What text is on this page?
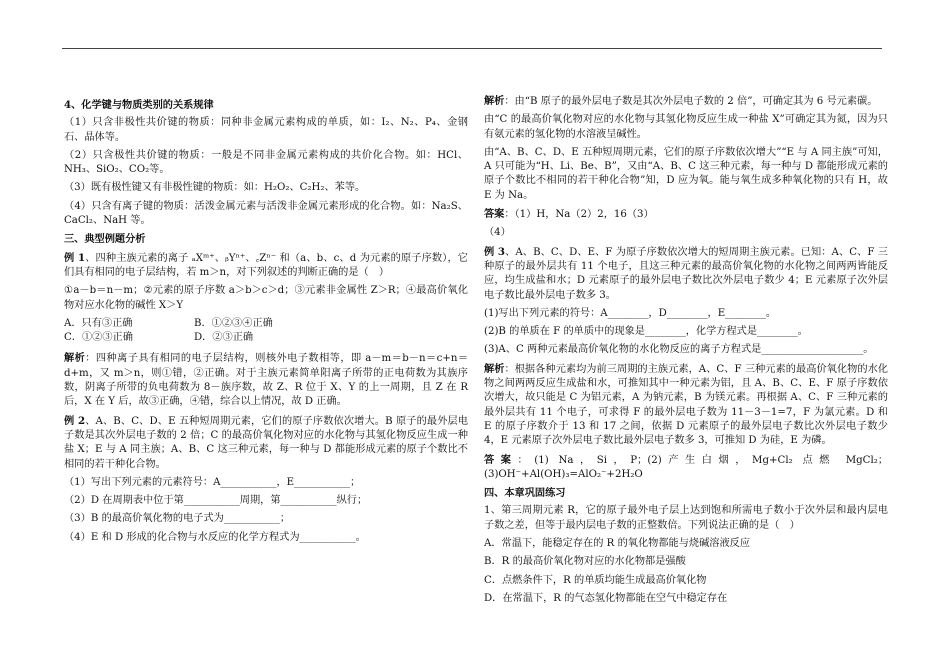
4、化学键与物质类别的关系规律

（1）只含非极性共价键的物质：同种非金属元素构成的单质，如：I₂、N₂、P₄、金钢石、晶体等。

（2）只含极性共价键的物质：一般是不同非金属元素构成的共价化合物。如：HCl、NH₃、SiO₂、CO₂等。

（3）既有极性键又有非极性键的物质：如：H₂O₂、C₂H₂、苯等。

（4）只含有离子键的物质：活泼金属元素与活泼非金属元素形成的化合物。如：Na₂S、CaCl₂、NaH 等。

三、典型例题分析

例 1、四种主族元素的离子 ₐXᵐ⁺、ᵦYⁿ⁺、꜀Zⁿ⁻ 和（a、b、c、d 为元素的原子序数），它们具有相同的电子层结构，若 m＞n，对下列叙述的判断正确的是（　）

①a－b＝n－m；②元素的原子序数 a＞b＞c＞d；③元素非金属性 Z＞R；④最高价氧化物对应水化物的碱性 X＞Y

A．只有③正确	B．①②③④正确
C．①②③正确	D．②③正确

解析：四种离子具有相同的电子层结构，则核外电子数相等，即 a－m＝b－n＝c+n＝d+m，又 m＞n，则①错，②正确。对于主族元素简单阳离子所带的正电荷数为其族序数，阴离子所带的负电荷数为 8－族序数，故 Z、R 位于 X、Y 的上一周期，且 Z 在 R 后，X 在 Y 后，故③正确，④错，综合以上情况，故 D 正确。

例 2、A、B、C、D、E 五种短周期元素，它们的原子序数依次增大。B 原子的最外层电子数是其次外层电子数的 2 倍；C 的最高价氧化物对应的水化物与其氢化物反应生成一种盐 X；E 与 A 同主族；A、B、C 这三种元素，每一种与 D 都能形成元素的原子个数比不相同的若干种化合物。

（1）写出下列元素的元素符号：A___________，E___________；

（2）D 在周期表中位于第___________周期，第___________纵行；

（3）B 的最高价氧化物的电子式为___________；

（4）E 和 D 形成的化合物与水反应的化学方程式为___________。

解析：由“B 原子的最外层电子数是其次外层电子数的 2 倍”，可确定其为 6 号元素碳。

由“C 的最高价氧化物对应的水化物与其氢化物反应生成一种盐 X”可确定其为氮，因为只有氨元素的氢化物的水溶液呈碱性。

由“A、B、C、D、E 五种短周期元素，它们的原子序数依次增大”“E 与 A 同主族”可知，A 只可能为“H、Li、Be、B”，又由“A、B、C 这三种元素，每一种与 D 都能形成元素的原子个数比不相同的若干种化合物”知，D 应为氧。能与氧生成多种氧化物的只有 H，故 E 为 Na。

答案：（1）H，Na（2）2，16（3）

（4）

例 3、A、B、C、D、E、F 为原子序数依次增大的短周期主族元素。已知：A、C、F 三种原子的最外层共有 11 个电子，且这三种元素的最高价氧化物的水化物之间两两皆能反应，均生成盐和水；D 元素原子的最外层电子数比次外层电子数少 4；E 元素原子次外层电子数比最外层电子数多 3。

(1)写出下列元素的符号：A________，D________，E________。

(2)B 的单质在 F 的单质中的现象是________，化学方程式是________。

(3)A、C 两种元素最高价氧化物的水化物反应的离子方程式是____________________。

解析：根据各种元素均为前三周期的主族元素，A、C、F 三种元素的最高价氧化物的水化物之间两两反应生成盐和水，可推知其中一种元素为铝，且 A、B、C、E、F 原子序数依次增大，故只能是 C 为铝元素，A 为钠元素，B 为镁元素。再根据 A、C、F 三种元素的最外层共有 11 个电子，可求得 F 的最外层电子数为 11－3－1=7，F 为氯元素。D 和 E 的原子序数介于 13 和 17 之间，依据 D 元素原子的最外层电子数比次外层电子数少 4，E 元素原子次外层电子数比最外层电子数多 3，可推知 D 为硅，E 为磷。

答案：(1) Na，Si，P；(2)产生白烟，Mg+Cl₂ 点燃 MgCl₂；(3)OH⁻+Al(OH)₃=AlO₂⁻+2H₂O

四、本章巩固练习

1、第三周期元素 R，它的原子最外电子层上达到饱和所需电子数小于次外层和最内层电子数之差，但等于最内层电子数的正整数倍。下列说法正确的是（　）

A．常温下，能稳定存在的 R 的氧化物都能与烧碱溶液反应

B．R 的最高价氧化物对应的水化物都是强酸

C．点燃条件下，R 的单质均能生成最高价氧化物

D．在常温下，R 的气态氢化物都能在空气中稳定存在
